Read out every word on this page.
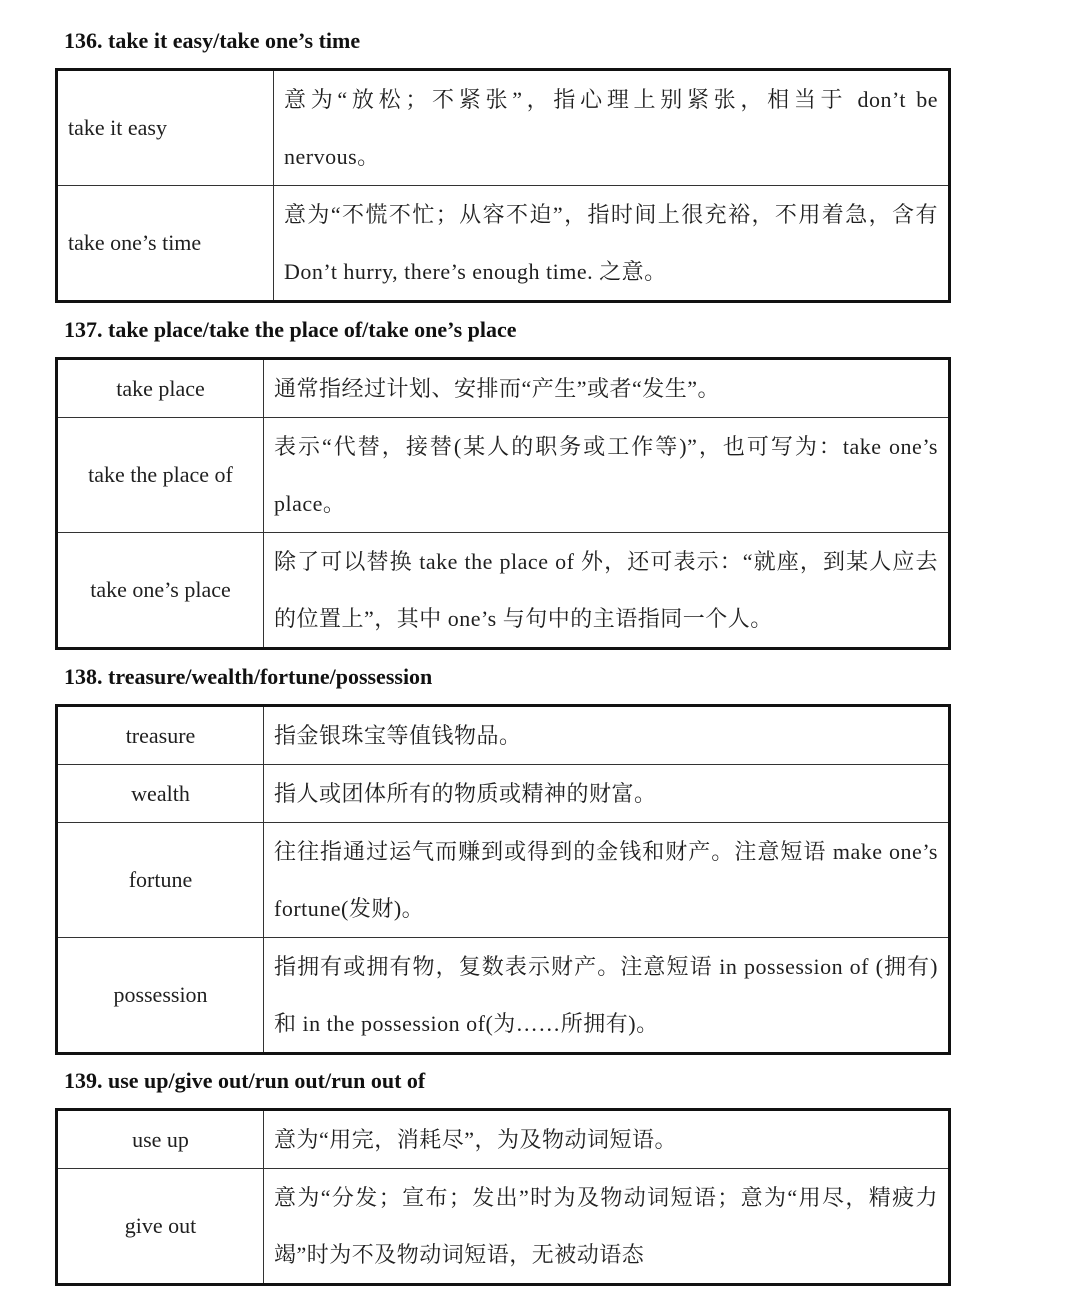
136. take it easy/take one’s time
take it easy	意为“放松；不紧张”，指心理上别紧张，相当于 don’t be nervous。
take one’s time	意为“不慌不忙；从容不迫”，指时间上很充裕，不用着急，含有 Don’t hurry, there’s enough time. 之意。
137. take place/take the place of/take one’s place
take place	通常指经过计划、安排而“产生”或者“发生”。
take the place of	表示“代替，接替(某人的职务或工作等)”，也可写为：take one’s place。
take one’s place	除了可以替换 take the place of 外，还可表示：“就座，到某人应去的位置上”，其中 one’s 与句中的主语指同一个人。
138. treasure/wealth/fortune/possession
treasure	指金银珠宝等值钱物品。
wealth	指人或团体所有的物质或精神的财富。
fortune	往往指通过运气而赚到或得到的金钱和财产。注意短语 make one’s fortune(发财)。
possession	指拥有或拥有物，复数表示财产。注意短语 in possession of (拥有)和 in the possession of(为……所拥有)。
139. use up/give out/run out/run out of
use up	意为“用完，消耗尽”，为及物动词短语。
give out	意为“分发；宣布；发出”时为及物动词短语；意为“用尽，精疲力竭”时为不及物动词短语，无被动语态
